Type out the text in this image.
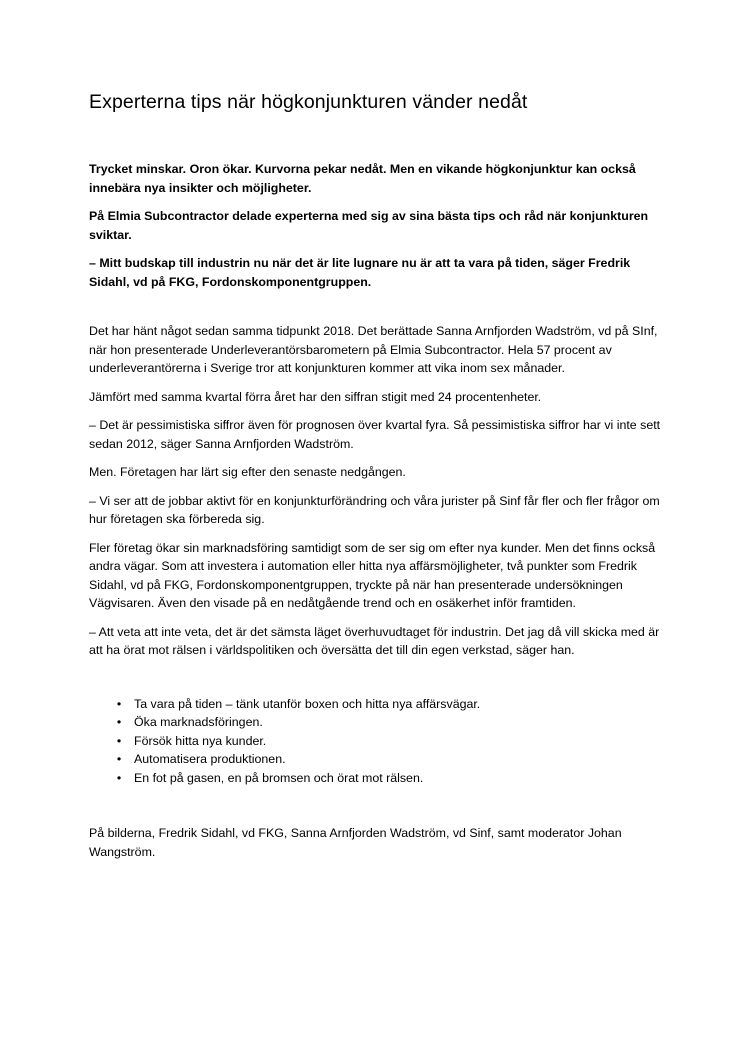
Experterna tips när högkonjunkturen vänder nedåt

Trycket minskar. Oron ökar. Kurvorna pekar nedåt. Men en vikande högkonjunktur kan också innebära nya insikter och möjligheter.

På Elmia Subcontractor delade experterna med sig av sina bästa tips och råd när konjunkturen sviktar.

– Mitt budskap till industrin nu när det är lite lugnare nu är att ta vara på tiden, säger Fredrik Sidahl, vd på FKG, Fordonskomponentgruppen.

Det har hänt något sedan samma tidpunkt 2018. Det berättade Sanna Arnfjorden Wadström, vd på SInf, när hon presenterade Underleverantörsbarometern på Elmia Subcontractor. Hela 57 procent av underleverantörerna i Sverige tror att konjunkturen kommer att vika inom sex månader.

Jämfört med samma kvartal förra året har den siffran stigit med 24 procentenheter.

– Det är pessimistiska siffror även för prognosen över kvartal fyra. Så pessimistiska siffror har vi inte sett sedan 2012, säger Sanna Arnfjorden Wadström.

Men. Företagen har lärt sig efter den senaste nedgången.

– Vi ser att de jobbar aktivt för en konjunkturförändring och våra jurister på Sinf får fler och fler frågor om hur företagen ska förbereda sig.

Fler företag ökar sin marknadsföring samtidigt som de ser sig om efter nya kunder. Men det finns också andra vägar. Som att investera i automation eller hitta nya affärsmöjligheter, två punkter som Fredrik Sidahl, vd på FKG, Fordonskomponentgruppen, tryckte på när han presenterade undersökningen Vägvisaren. Även den visade på en nedåtgående trend och en osäkerhet inför framtiden.

– Att veta att inte veta, det är det sämsta läget överhuvudtaget för industrin. Det jag då vill skicka med är att ha örat mot rälsen i världspolitiken och översätta det till din egen verkstad, säger han.

• Ta vara på tiden – tänk utanför boxen och hitta nya affärsvägar.
• Öka marknadsföringen.
• Försök hitta nya kunder.
• Automatisera produktionen.
• En fot på gasen, en på bromsen och örat mot rälsen.

På bilderna, Fredrik Sidahl, vd FKG, Sanna Arnfjorden Wadström, vd Sinf, samt moderator Johan Wangström.
